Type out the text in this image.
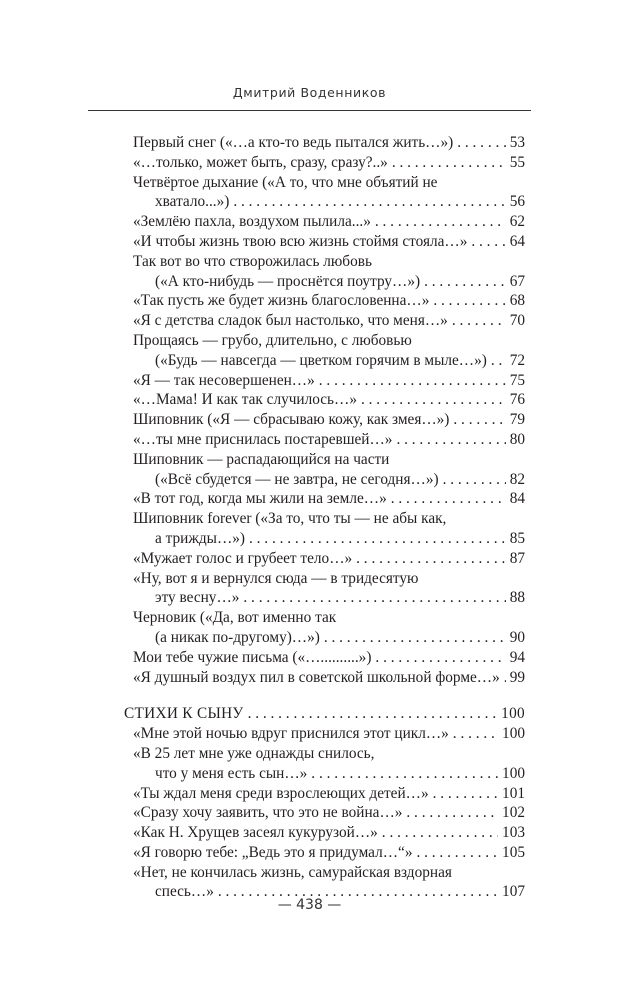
Дмитрий Воденников
Первый снег («…а кто-то ведь пытался жить…») . . .	53
«…только, может быть, сразу, сразу?..» . . .	55
Четвёртое дыхание («А то, что мне объятий не
хватало...») . . .	56
«Землёю пахла, воздухом пылила...» . . .	62
«И чтобы жизнь твою всю жизнь стоймя стояла…» . . .	64
Так вот во что створожилась любовь
(«А кто-нибудь — проснётся поутру…») . . .	67
«Так пусть же будет жизнь благословенна…» . . .	68
«Я с детства сладок был настолько, что меня…» . . .	70
Прощаясь — грубо, длительно, с любовью
(«Будь — навсегда — цветком горячим в мыле…») . . . 72
«Я — так несовершенен…» . . .	75
«…Мама! И как так случилось…» . . .	76
Шиповник («Я — сбрасываю кожу, как змея…») . . .	79
«…ты мне приснилась постаревшей…» . . .	80
Шиповник — распадающийся на части
(«Всё сбудется — не завтра, не сегодня…») . . .	82
«В тот год, когда мы жили на земле…» . . .	84
Шиповник forever («За то, что ты — не абы как,
а трижды…») . . .	85
«Мужает голос и грубеет тело…» . . .	87
«Ну, вот я и вернулся сюда — в тридесятую
эту весну…» . . .	88
Черновик («Да, вот именно так
(а никак по-другому)…») . . .	90
Мои тебе чужие письма («…..........») . . .	94
«Я душный воздух пил в советской школьной форме…» . . . 99
СТИХИ К СЫНУ . . .	100
«Мне этой ночью вдруг приснился этот цикл…» . . .	100
«В 25 лет мне уже однажды снилось,
что у меня есть сын…» . . .	100
«Ты ждал меня среди взрослеющих детей…» . . .	101
«Сразу хочу заявить, что это не война…» . . .	102
«Как Н. Хрущев засеял кукурузой…» . . .	103
«Я говорю тебе: „Ведь это я придумал…“» . . .	105
«Нет, не кончилась жизнь, самурайская вздорная
спесь…» . . .	107
— 438 —
